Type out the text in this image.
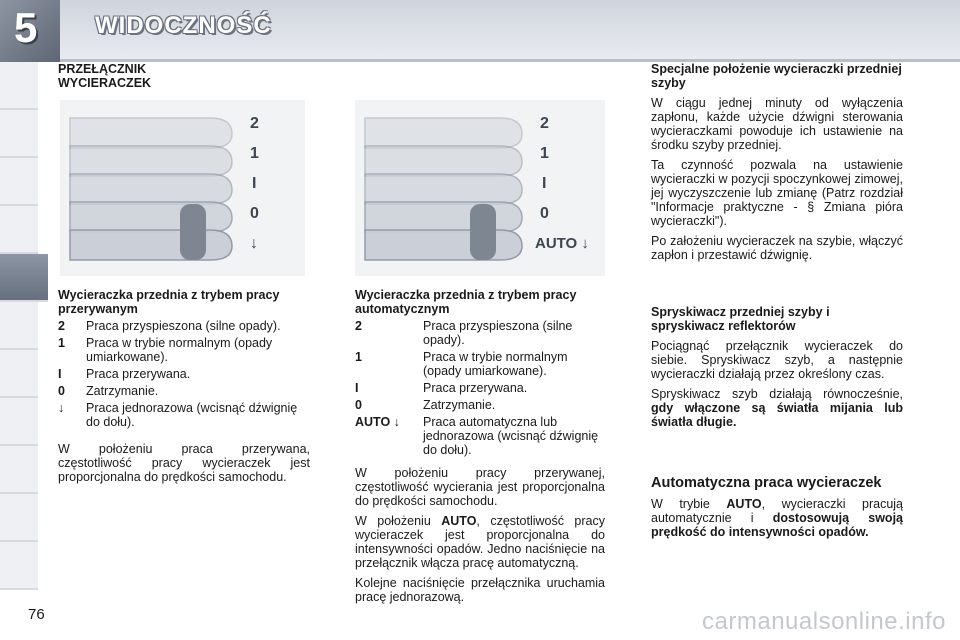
5 WIDOCZNOŚĆ
PRZEŁĄCZNIK
WYCIERACZEK
2
1
I
0
↓
Wycieraczka przednia z trybem pracy przerywanym
2	Praca przyspieszona (silne opady).
1	Praca w trybie normalnym (opady umiarkowane).
I	Praca przerywana.
0	Zatrzymanie.
↓	Praca jednorazowa (wcisnąć dźwignię do dołu).

W położeniu praca przerywana, częstotliwość pracy wycieraczek jest proporcjonalna do prędkości samochodu.

2
1
I
0
AUTO ↓
Wycieraczka przednia z trybem pracy automatycznym
2	Praca przyspieszona (silne opady).
1	Praca w trybie normalnym (opady umiarkowane).
I	Praca przerywana.
0	Zatrzymanie.
AUTO ↓	Praca automatyczna lub jednorazowa (wcisnąć dźwignię do dołu).

W położeniu pracy przerywanej, częstotliwość wycierania jest proporcjonalna do prędkości samochodu.

W położeniu AUTO, częstotliwość pracy wycieraczek jest proporcjonalna do intensywności opadów. Jedno naciśnięcie na przełącznik włącza pracę automatyczną.

Kolejne naciśnięcie przełącznika uruchamia pracę jednorazową.

Specjalne położenie wycieraczki przedniej szyby

W ciągu jednej minuty od wyłączenia zapłonu, każde użycie dźwigni sterowania wycieraczkami powoduje ich ustawienie na środku szyby przedniej.

Ta czynność pozwala na ustawienie wycieraczki w pozycji spoczynkowej zimowej, jej wyczyszczenie lub zmianę (Patrz rozdział "Informacje praktyczne - § Zmiana pióra wycieraczki").

Po założeniu wycieraczek na szybie, włączyć zapłon i przestawić dźwignię.

Spryskiwacz przedniej szyby i spryskiwacz reflektorów

Pociągnąć przełącznik wycieraczek do siebie. Spryskiwacz szyb, a następnie wycieraczki działają przez określony czas.

Spryskiwacz szyb działają równocześnie, gdy włączone są światła mijania lub światła długie.

Automatyczna praca wycieraczek

W trybie AUTO, wycieraczki pracują automatycznie i dostosowują swoją prędkość do intensywności opadów.

76	carmanualsonline.info
